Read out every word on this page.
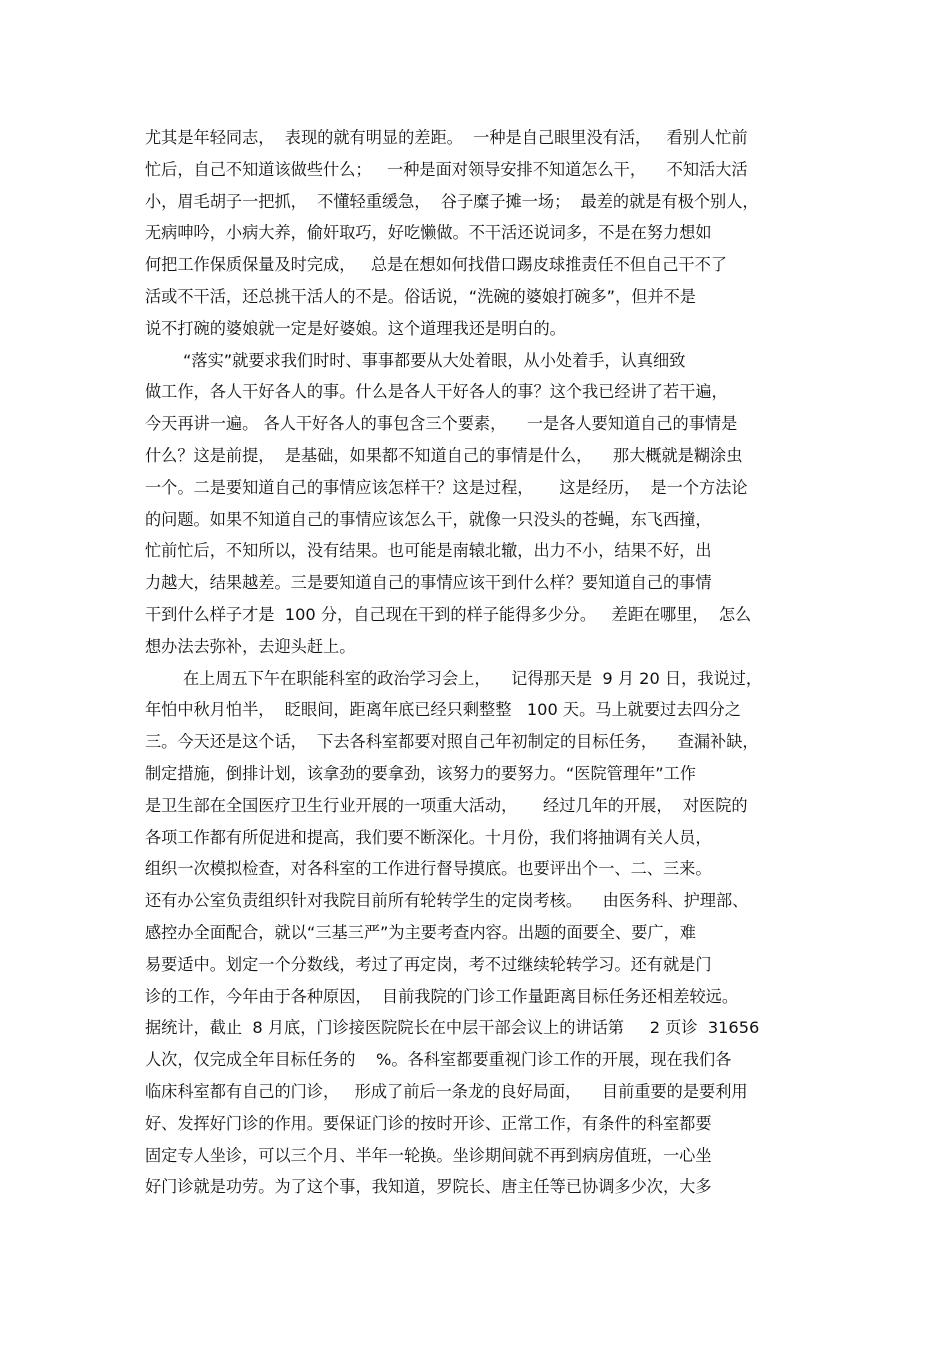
尤其是年轻同志，  表现的就有明显的差距。  一种是自己眼里没有活，   看别人忙前
忙后，自己不知道该做些什么；   一种是面对领导安排不知道怎么干，    不知活大活
小，眉毛胡子一把抓，  不懂轻重缓急，  谷子糜子摊一场；  最差的就是有极个别人，
无病呻吟，小病大养，偷奸取巧，好吃懒做。不干活还说词多，不是在努力想如
何把工作保质保量及时完成，   总是在想如何找借口踢皮球推责任不但自己干不了
活或不干活，还总挑干活人的不是。俗话说，“洗碗的婆娘打碗多”，但并不是
说不打碗的婆娘就一定是好婆娘。这个道理我还是明白的。
“落实”就要求我们时时、事事都要从大处着眼，从小处着手，认真细致
做工作，各人干好各人的事。什么是各人干好各人的事？这个我已经讲了若干遍，
今天再讲一遍。 各人干好各人的事包含三个要素，    一是各人要知道自己的事情是
什么？这是前提，  是基础，如果都不知道自己的事情是什么，    那大概就是糊涂虫
一个。二是要知道自己的事情应该怎样干？这是过程，     这是经历，  是一个方法论
的问题。如果不知道自己的事情应该怎么干，就像一只没头的苍蝇，东飞西撞，
忙前忙后，不知所以，没有结果。也可能是南辕北辙，出力不小，结果不好，出
力越大，结果越差。三是要知道自己的事情应该干到什么样？要知道自己的事情
干到什么样子才是  100 分，自己现在干到的样子能得多少分。   差距在哪里，  怎么
想办法去弥补，去迎头赶上。
在上周五下午在职能科室的政治学习会上，    记得那天是  9 月 20 日，我说过，
年怕中秋月怕半，  眨眼间，距离年底已经只剩整整   100 天。马上就要过去四分之
三。今天还是这个话，  下去各科室都要对照自己年初制定的目标任务，    查漏补缺，
制定措施，倒排计划，该拿劲的要拿劲，该努力的要努力。“医院管理年”工作
是卫生部在全国医疗卫生行业开展的一项重大活动，     经过几年的开展，  对医院的
各项工作都有所促进和提高，我们要不断深化。十月份，我们将抽调有关人员，
组织一次模拟检查，对各科室的工作进行督导摸底。也要评出个一、二、三来。
还有办公室负责组织针对我院目前所有轮转学生的定岗考核。    由医务科、护理部、
感控办全面配合，就以“三基三严”为主要考查内容。出题的面要全、要广，难
易要适中。划定一个分数线，考过了再定岗，考不过继续轮转学习。还有就是门
诊的工作，今年由于各种原因，  目前我院的门诊工作量距离目标任务还相差较远。
据统计，截止  8 月底，门诊接医院院长在中层干部会议上的讲话第     2 页诊  31656
人次，仅完成全年目标任务的    %。各科室都要重视门诊工作的开展，现在我们各
临床科室都有自己的门诊，   形成了前后一条龙的良好局面，    目前重要的是要利用
好、发挥好门诊的作用。要保证门诊的按时开诊、正常工作，有条件的科室都要
固定专人坐诊，可以三个月、半年一轮换。坐诊期间就不再到病房值班，一心坐
好门诊就是功劳。为了这个事，我知道，罗院长、唐主任等已协调多少次，大多
